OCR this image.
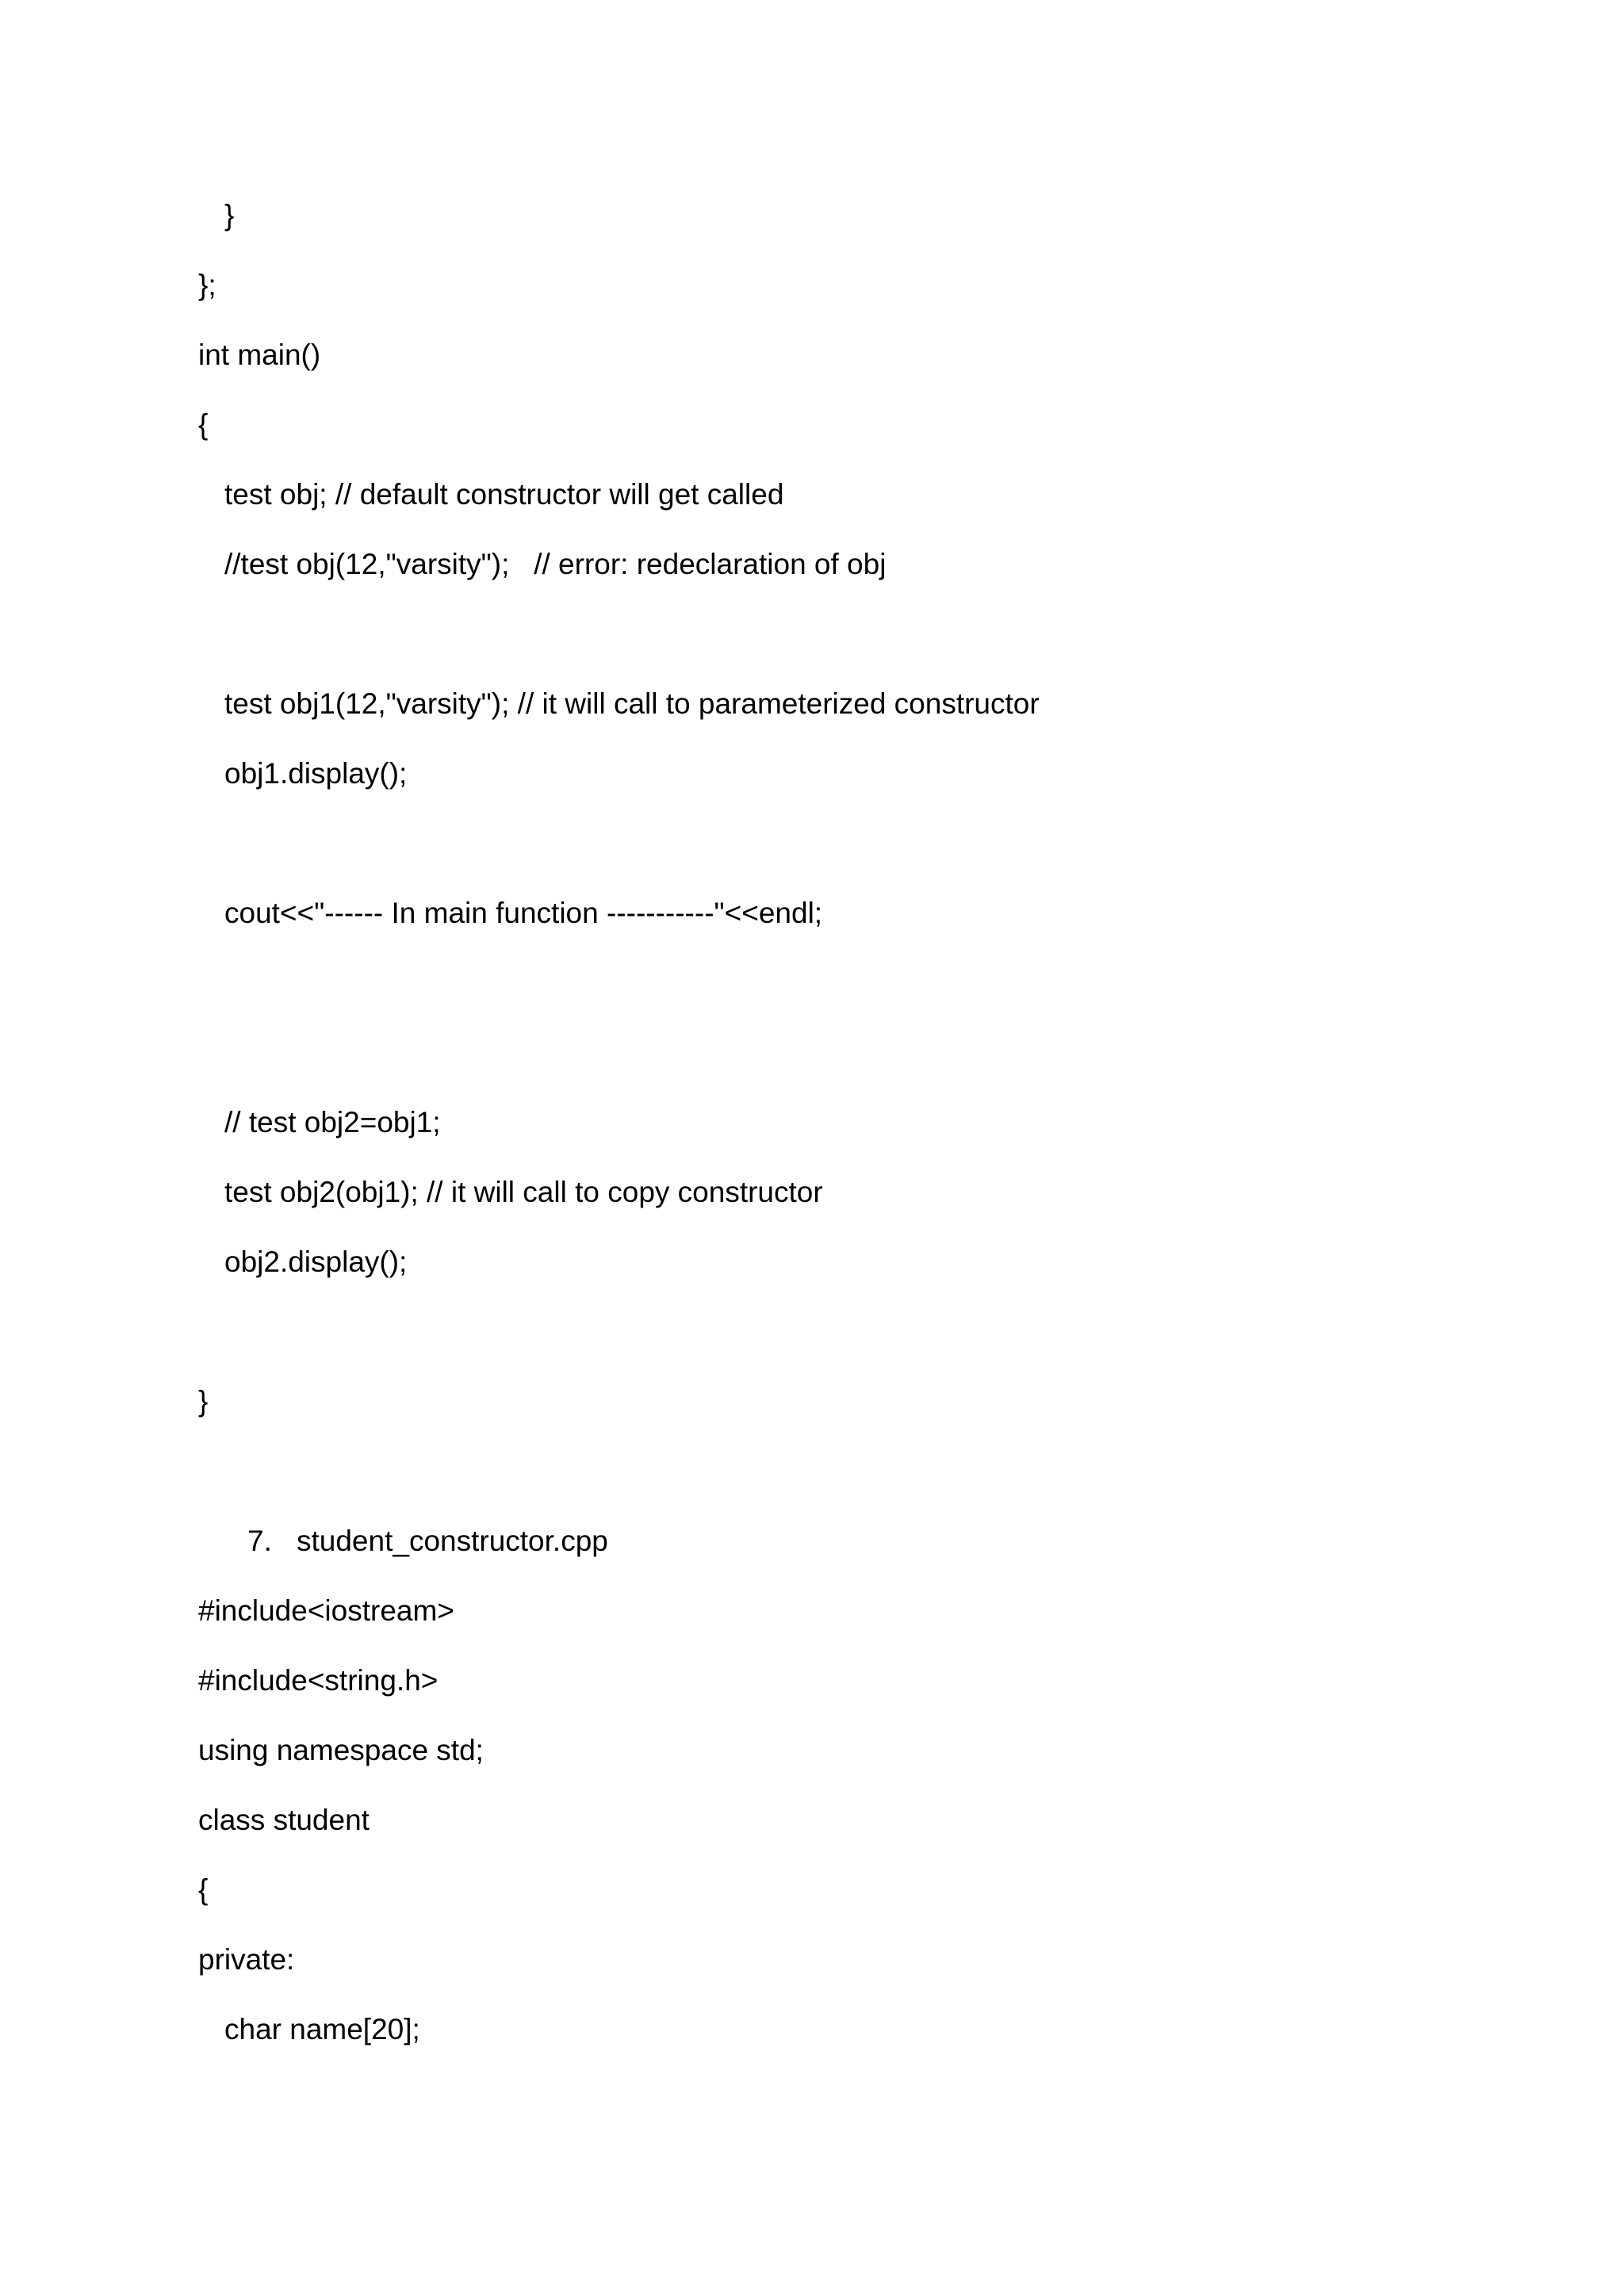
}
};
int main()
{
test obj; // default constructor will get called
//test obj(12,"varsity");   // error: redeclaration of obj
test obj1(12,"varsity"); // it will call to parameterized constructor
obj1.display();
cout<<"------ In main function -----------"<<endl;
// test obj2=obj1;
test obj2(obj1); // it will call to copy constructor
obj2.display();
}
7. student_constructor.cpp
#include<iostream>
#include<string.h>
using namespace std;
class student
{
private:
char name[20];
